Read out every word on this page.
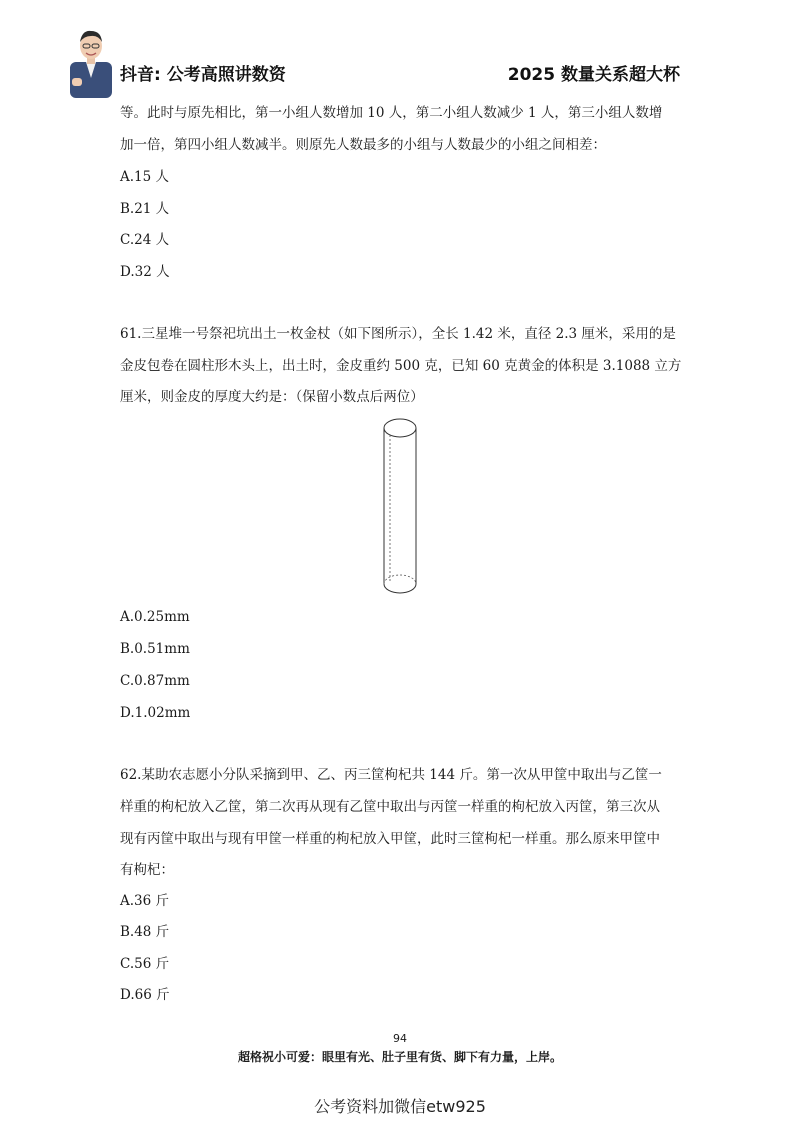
抖音: 公考高照讲数资	2025 数量关系超大杯
等。此时与原先相比，第一小组人数增加 10 人，第二小组人数减少 1 人，第三小组人数增
加一倍，第四小组人数减半。则原先人数最多的小组与人数最少的小组之间相差：
A.15 人
B.21 人
C.24 人
D.32 人
61.三星堆一号祭祀坑出土一枚金杖（如下图所示），全长 1.42 米，直径 2.3 厘米，采用的是
金皮包卷在圆柱形木头上，出土时，金皮重约 500 克，已知 60 克黄金的体积是 3.1088 立方
厘米，则金皮的厚度大约是：（保留小数点后两位）
A.0.25mm
B.0.51mm
C.0.87mm
D.1.02mm
62.某助农志愿小分队采摘到甲、乙、丙三筐枸杞共 144 斤。第一次从甲筐中取出与乙筐一
样重的枸杞放入乙筐，第二次再从现有乙筐中取出与丙筐一样重的枸杞放入丙筐，第三次从
现有丙筐中取出与现有甲筐一样重的枸杞放入甲筐，此时三筐枸杞一样重。那么原来甲筐中
有枸杞：
A.36 斤
B.48 斤
C.56 斤
D.66 斤
94
超格祝小可爱：眼里有光、肚子里有货、脚下有力量，上岸。
公考资料加微信etw925
